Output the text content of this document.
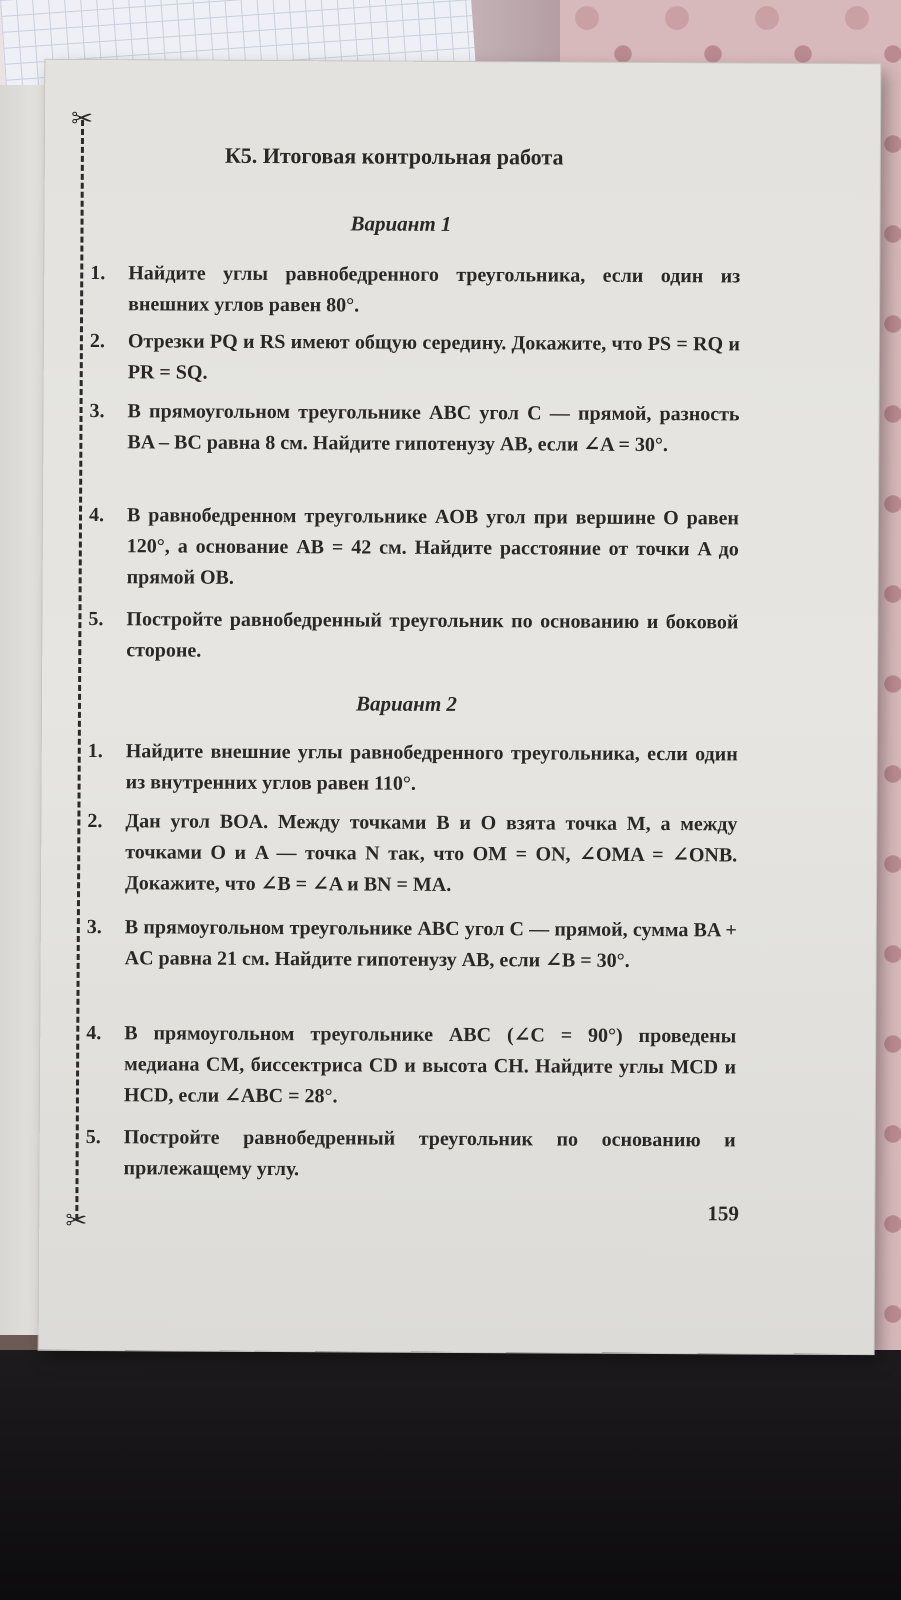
✂
✂
К5. Итоговая контрольная работа
Вариант 1
1. Найдите углы равнобедренного треугольника, если один из внешних углов равен 80°.
2. Отрезки PQ и RS имеют общую середину. Докажите, что PS = RQ и PR = SQ.
3. В прямоугольном треугольнике ABC угол C — прямой, разность BA – BC равна 8 см. Найдите гипотенузу AB, если ∠A = 30°.
4. В равнобедренном треугольнике AOB угол при вершине O равен 120°, а основание AB = 42 см. Найдите расстояние от точки A до прямой OB.
5. Постройте равнобедренный треугольник по основанию и боковой стороне.
Вариант 2
1. Найдите внешние углы равнобедренного треугольника, если один из внутренних углов равен 110°.
2. Дан угол BOA. Между точками B и O взята точка M, а между точками O и A — точка N так, что OM = ON, ∠OMA = ∠ONB. Докажите, что ∠B = ∠A и BN = MA.
3. В прямоугольном треугольнике ABC угол C — прямой, сумма BA + AC равна 21 см. Найдите гипотенузу AB, если ∠B = 30°.
4. В прямоугольном треугольнике ABC (∠C = 90°) проведены медиана CM, биссектриса CD и высота CH. Найдите углы MCD и HCD, если ∠ABC = 28°.
5. Постройте равнобедренный треугольник по основанию и прилежащему углу.
159
